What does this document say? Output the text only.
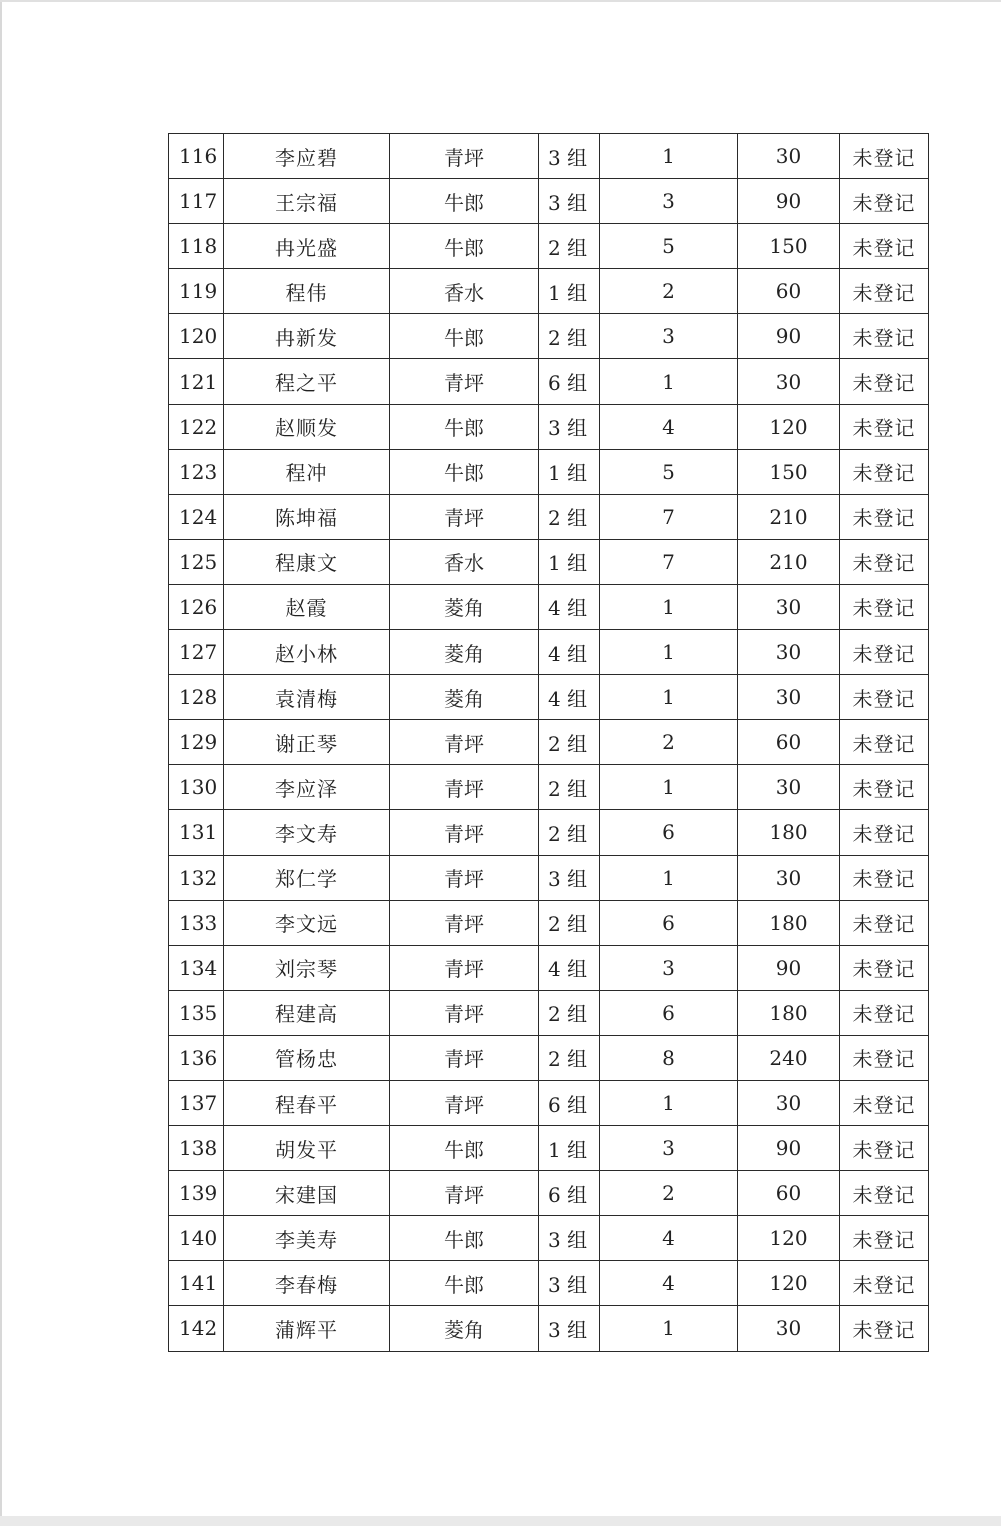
116	李应碧	青坪	3 组	1	30	未登记
117	王宗福	牛郎	3 组	3	90	未登记
118	冉光盛	牛郎	2 组	5	150	未登记
119	程伟	香水	1 组	2	60	未登记
120	冉新发	牛郎	2 组	3	90	未登记
121	程之平	青坪	6 组	1	30	未登记
122	赵顺发	牛郎	3 组	4	120	未登记
123	程冲	牛郎	1 组	5	150	未登记
124	陈坤福	青坪	2 组	7	210	未登记
125	程康文	香水	1 组	7	210	未登记
126	赵霞	菱角	4 组	1	30	未登记
127	赵小林	菱角	4 组	1	30	未登记
128	袁清梅	菱角	4 组	1	30	未登记
129	谢正琴	青坪	2 组	2	60	未登记
130	李应泽	青坪	2 组	1	30	未登记
131	李文寿	青坪	2 组	6	180	未登记
132	郑仁学	青坪	3 组	1	30	未登记
133	李文远	青坪	2 组	6	180	未登记
134	刘宗琴	青坪	4 组	3	90	未登记
135	程建高	青坪	2 组	6	180	未登记
136	管杨忠	青坪	2 组	8	240	未登记
137	程春平	青坪	6 组	1	30	未登记
138	胡发平	牛郎	1 组	3	90	未登记
139	宋建国	青坪	6 组	2	60	未登记
140	李美寿	牛郎	3 组	4	120	未登记
141	李春梅	牛郎	3 组	4	120	未登记
142	蒲辉平	菱角	3 组	1	30	未登记
